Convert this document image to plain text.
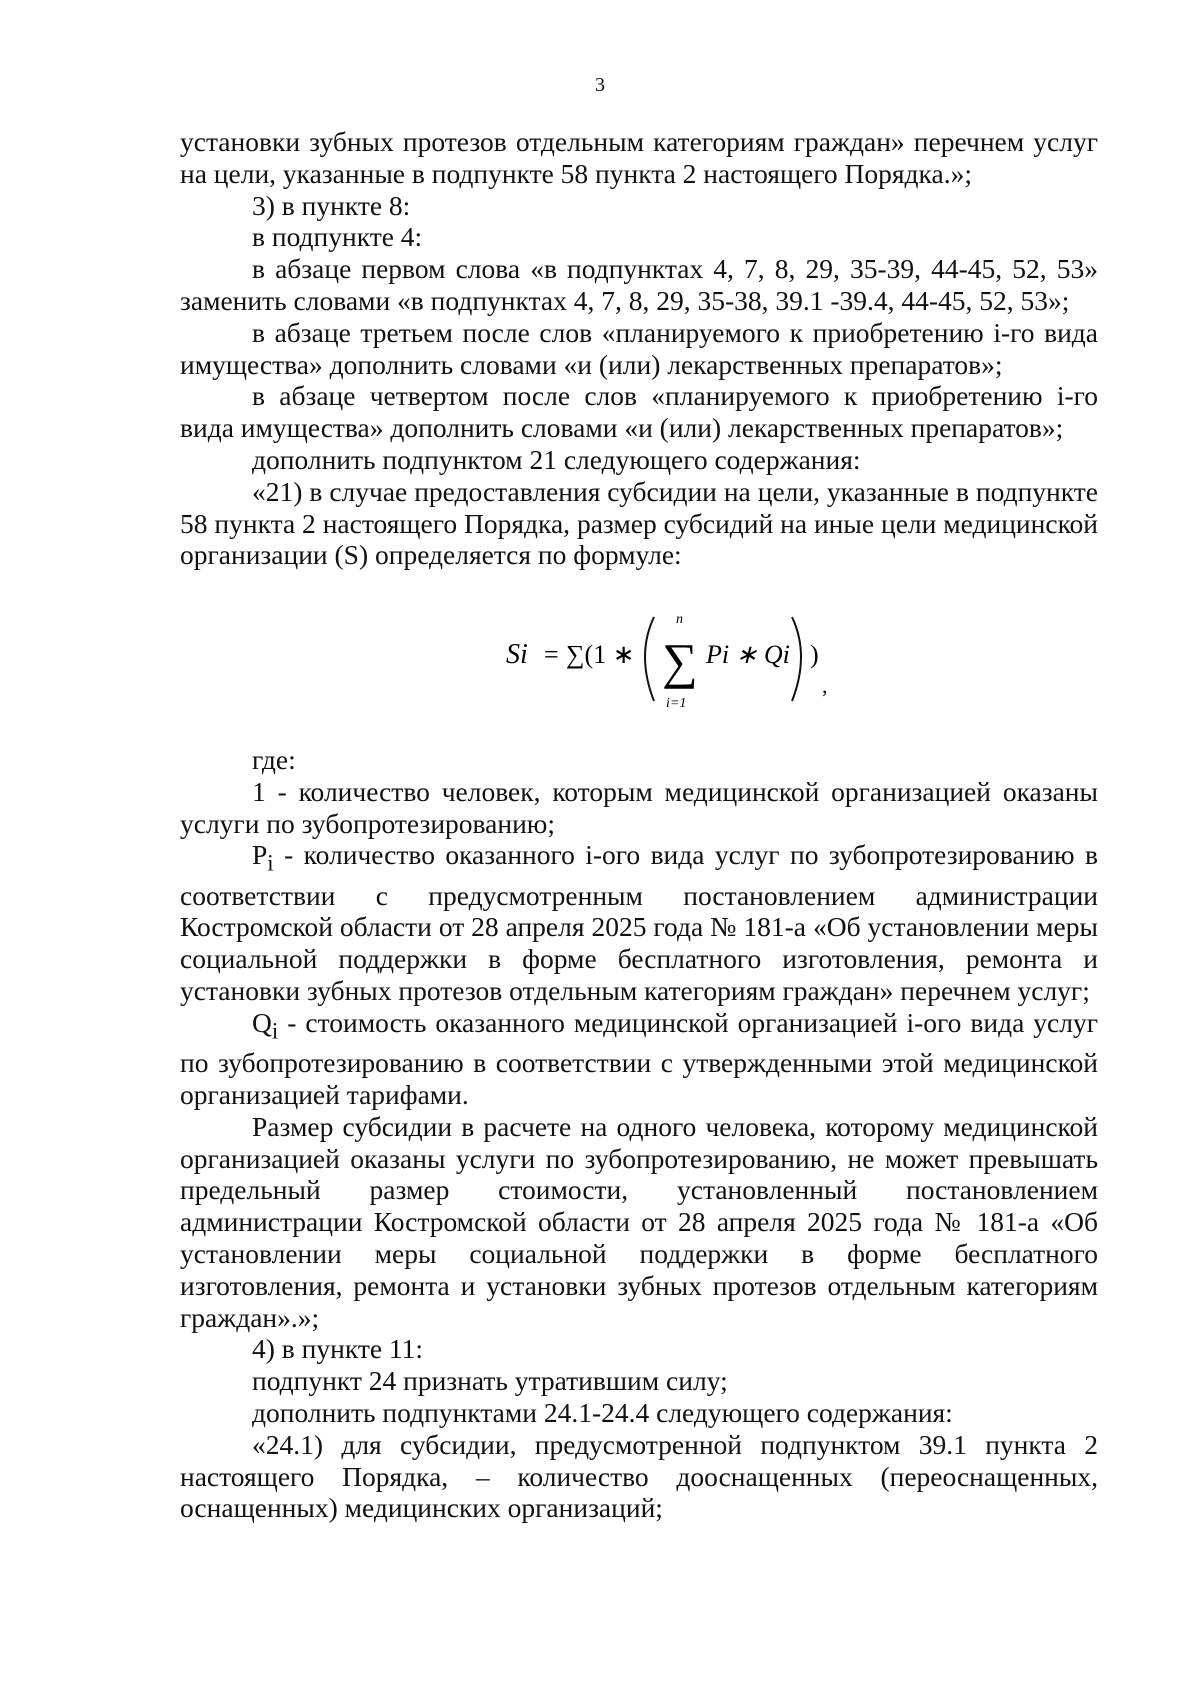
3

установки зубных протезов отдельным категориям граждан» перечнем услуг на цели, указанные в подпункте 58 пункта 2 настоящего Порядка.»;

3) в пункте 8:

в подпункте 4:

в абзаце первом слова «в подпунктах 4, 7, 8, 29, 35-39, 44-45, 52, 53» заменить словами «в подпунктах 4, 7, 8, 29, 35-38, 39.1 -39.4, 44-45, 52, 53»;

в абзаце третьем после слов «планируемого к приобретению i-го вида имущества» дополнить словами «и (или) лекарственных препаратов»;

в абзаце четвертом после слов «планируемого к приобретению i-го вида имущества» дополнить словами «и (или) лекарственных препаратов»;

дополнить подпунктом 21 следующего содержания:

«21) в случае предоставления субсидии на цели, указанные в подпункте 58 пункта 2 настоящего Порядка, размер субсидий на иные цели медицинской организации (S) определяется по формуле:

Si = ∑(1 ∗ ∑
n
i=1
Pi ∗ Qi )
,

где:

1 - количество человек, которым медицинской организацией оказаны услуги по зубопротезированию;

$P_i$ - количество оказанного i-ого вида услуг по зубопротезированию в соответствии с предусмотренным постановлением администрации Костромской области от 28 апреля 2025 года № 181-а «Об установлении меры социальной поддержки в форме бесплатного изготовления, ремонта и установки зубных протезов отдельным категориям граждан» перечнем услуг;

$Q_i$ - стоимость оказанного медицинской организацией i-ого вида услуг по зубопротезированию в соответствии с утвержденными этой медицинской организацией тарифами.

Размер субсидии в расчете на одного человека, которому медицинской организацией оказаны услуги по зубопротезированию, не может превышать предельный размер стоимости, установленный постановлением администрации Костромской области от 28 апреля 2025 года № 181-а «Об установлении меры социальной поддержки в форме бесплатного изготовления, ремонта и установки зубных протезов отдельным категориям граждан».»;

4) в пункте 11:

подпункт 24 признать утратившим силу;

дополнить подпунктами 24.1-24.4 следующего содержания:

«24.1) для субсидии, предусмотренной подпунктом 39.1 пункта 2 настоящего Порядка, – количество дооснащенных (переоснащенных, оснащенных) медицинских организаций;
